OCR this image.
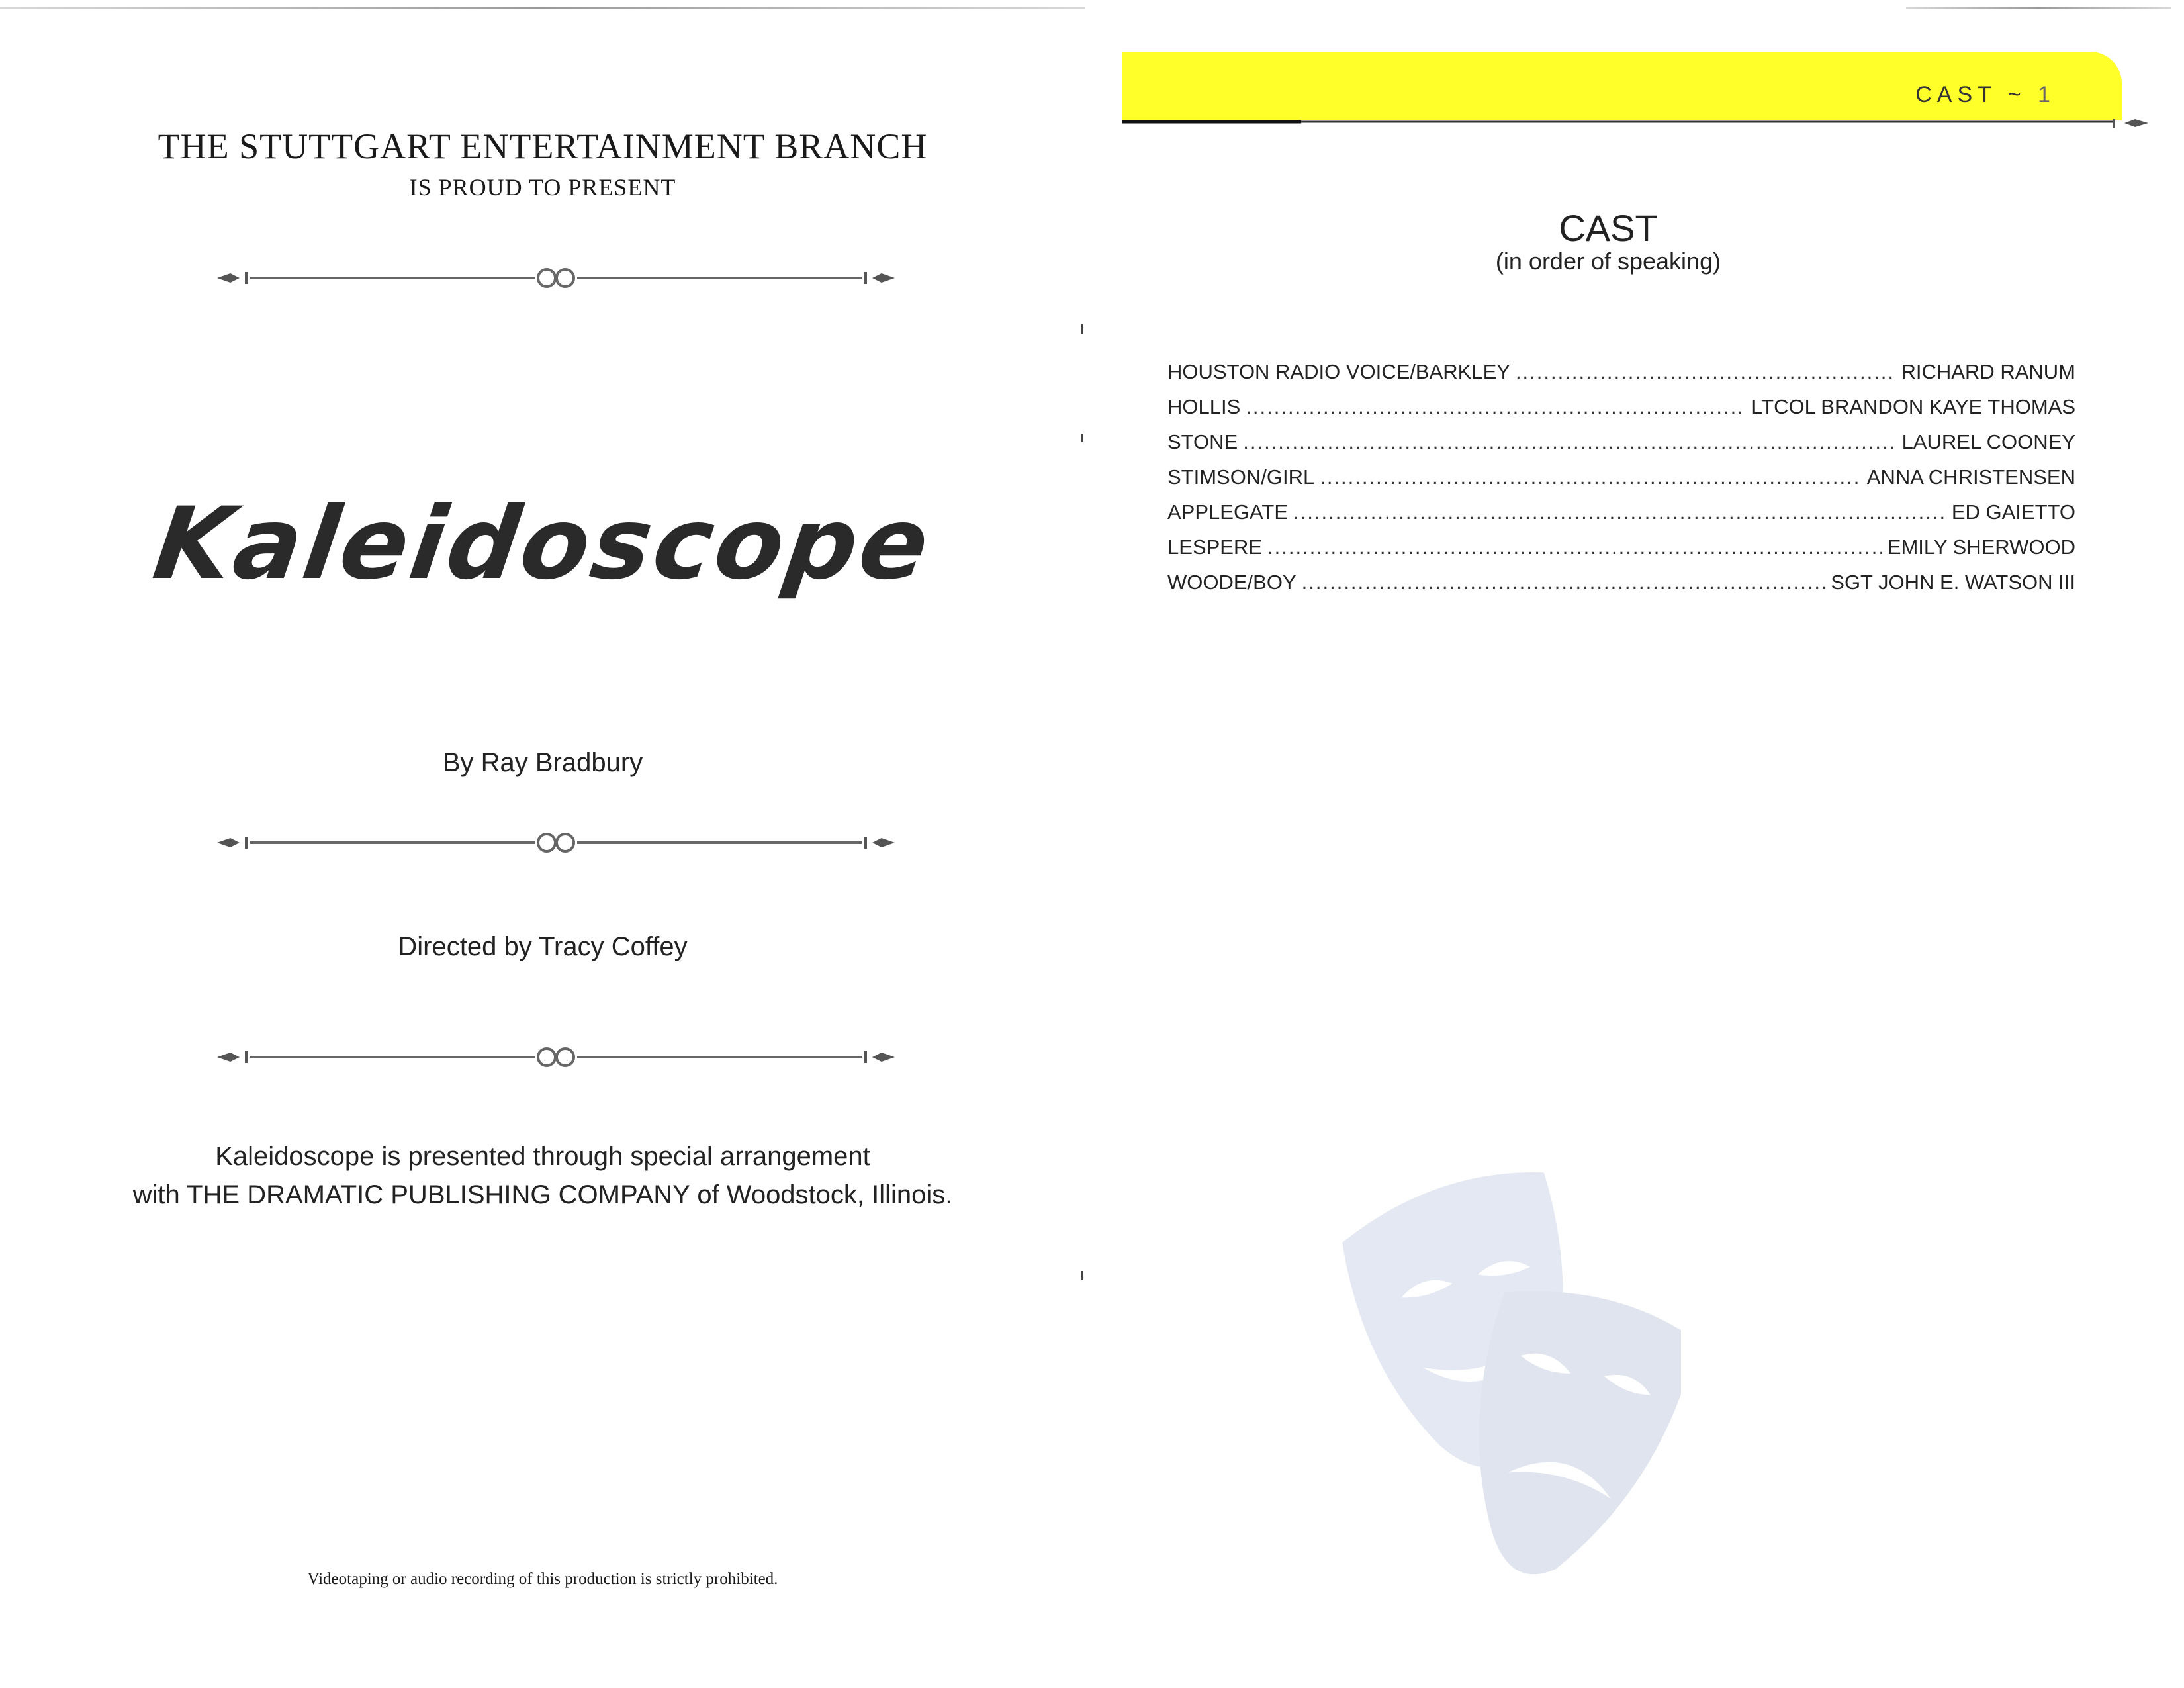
THE STUTTGART ENTERTAINMENT BRANCH
IS PROUD TO PRESENT
Kaleidoscope
By Ray Bradbury
Directed by Tracy Coffey
Kaleidoscope is presented through special arrangement
with THE DRAMATIC PUBLISHING COMPANY of Woodstock, Illinois.
Videotaping or audio recording of this production is strictly prohibited.
CAST ~ 1
CAST
(in order of speaking)
HOUSTON RADIO VOICE/BARKLEY .....	RICHARD RANUM
HOLLIS .....	LTCOL BRANDON KAYE THOMAS
STONE .....	LAUREL COONEY
STIMSON/GIRL .....	ANNA CHRISTENSEN
APPLEGATE .....	ED GAIETTO
LESPERE .....	EMILY SHERWOOD
WOODE/BOY .....	SGT JOHN E. WATSON III
